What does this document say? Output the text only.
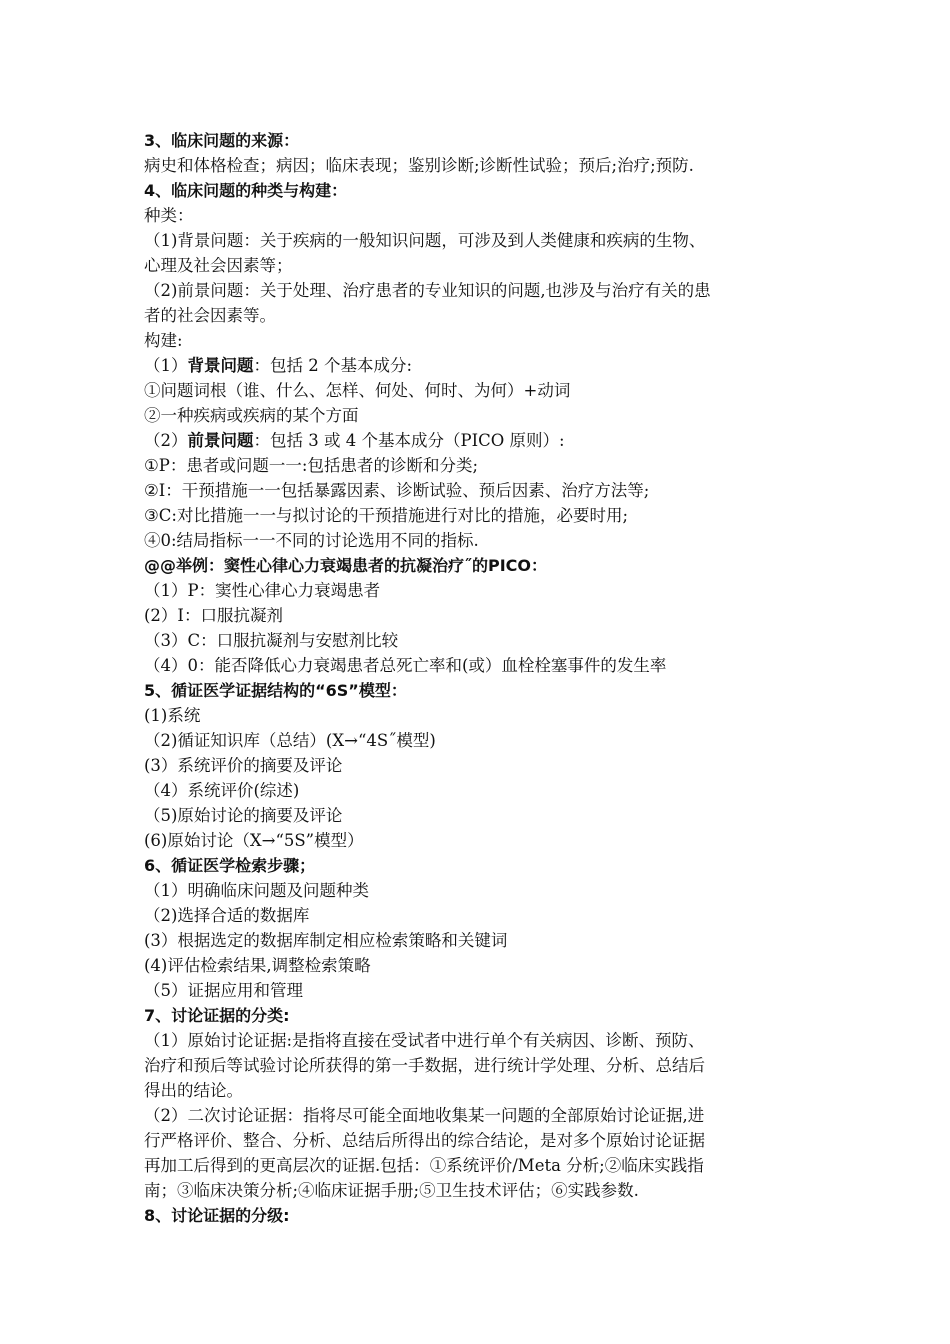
3、临床问题的来源：
病史和体格检查；病因；临床表现；鉴别诊断;诊断性试验；预后;治疗;预防.
4、临床问题的种类与构建：
种类：
（1)背景问题：关于疾病的一般知识问题，可涉及到人类健康和疾病的生物、
心理及社会因素等；
（2)前景问题：关于处理、治疗患者的专业知识的问题,也涉及与治疗有关的患
者的社会因素等。
构建:
（1）背景问题：包括 2 个基本成分:
①问题词根（谁、什么、怎样、何处、何时、为何）+动词
②一种疾病或疾病的某个方面
（2）前景问题：包括 3 或 4 个基本成分（PICO 原则）:
①P：患者或问题一一:包括患者的诊断和分类;
②I：干预措施一一包括暴露因素、诊断试验、预后因素、治疗方法等;
③C:对比措施一一与拟讨论的干预措施进行对比的措施，必要时用;
④0:结局指标一一不同的讨论选用不同的指标.
@@举例：窦性心律心力衰竭患者的抗凝治疗˝的PICO：
（1）P：窦性心律心力衰竭患者
(2）I：口服抗凝剂
（3）C：口服抗凝剂与安慰剂比较
（4）0：能否降低心力衰竭患者总死亡率和(或）血栓栓塞事件的发生率
5、循证医学证据结构的“6S”模型：
(1)系统
（2)循证知识库（总结）(X→“4S˝模型)
(3）系统评价的摘要及评论
（4）系统评价(综述)
（5)原始讨论的摘要及评论
(6)原始讨论（X→“5S”模型）
6、循证医学检索步骤；
（1）明确临床问题及问题种类
（2)选择合适的数据库
(3）根据选定的数据库制定相应检索策略和关键词
(4)评估检索结果,调整检索策略
（5）证据应用和管理
7、讨论证据的分类:
（1）原始讨论证据:是指将直接在受试者中进行单个有关病因、诊断、预防、
治疗和预后等试验讨论所获得的第一手数据，进行统计学处理、分析、总结后
得出的结论。
（2）二次讨论证据：指将尽可能全面地收集某一问题的全部原始讨论证据,进
行严格评价、整合、分析、总结后所得出的综合结论，是对多个原始讨论证据
再加工后得到的更高层次的证据.包括：①系统评价/Meta 分析;②临床实践指
南；③临床决策分析;④临床证据手册;⑤卫生技术评估；⑥实践参数.
8、讨论证据的分级:
